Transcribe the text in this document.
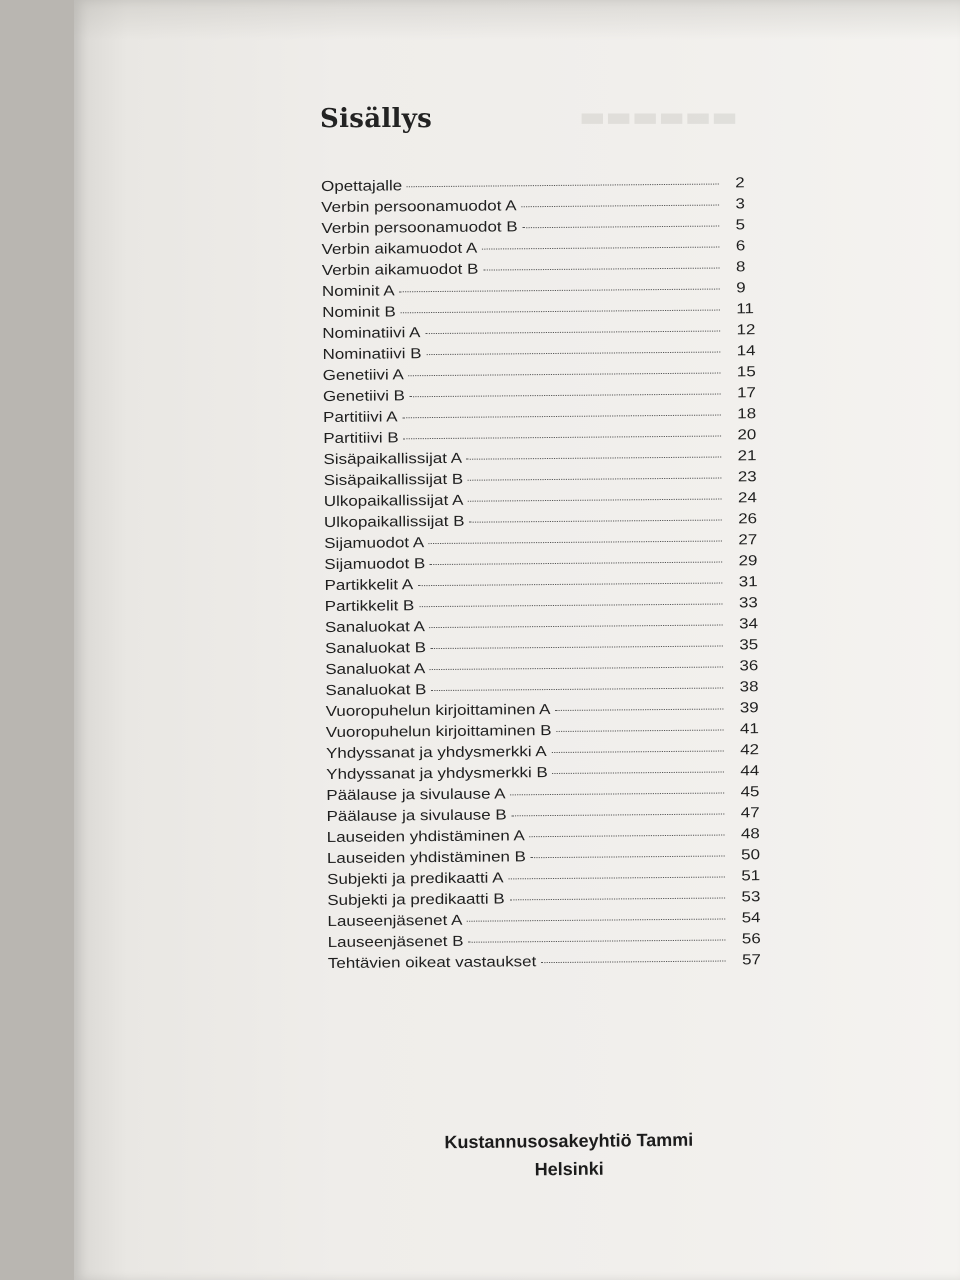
▬▬▬▬▬▬
Sisällys
Opettajalle	2
Verbin persoonamuodot A	3
Verbin persoonamuodot B	5
Verbin aikamuodot A	6
Verbin aikamuodot B	8
Nominit A	9
Nominit B	11
Nominatiivi A	12
Nominatiivi B	14
Genetiivi A	15
Genetiivi B	17
Partitiivi A	18
Partitiivi B	20
Sisäpaikallissijat A	21
Sisäpaikallissijat B	23
Ulkopaikallissijat A	24
Ulkopaikallissijat B	26
Sijamuodot A	27
Sijamuodot B	29
Partikkelit A	31
Partikkelit B	33
Sanaluokat A	34
Sanaluokat B	35
Sanaluokat A	36
Sanaluokat B	38
Vuoropuhelun kirjoittaminen A	39
Vuoropuhelun kirjoittaminen B	41
Yhdyssanat ja yhdysmerkki A	42
Yhdyssanat ja yhdysmerkki B	44
Päälause ja sivulause A	45
Päälause ja sivulause B	47
Lauseiden yhdistäminen A	48
Lauseiden yhdistäminen B	50
Subjekti ja predikaatti A	51
Subjekti ja predikaatti B	53
Lauseenjäsenet A	54
Lauseenjäsenet B	56
Tehtävien oikeat vastaukset	57
Kustannusosakeyhtiö Tammi
Helsinki
